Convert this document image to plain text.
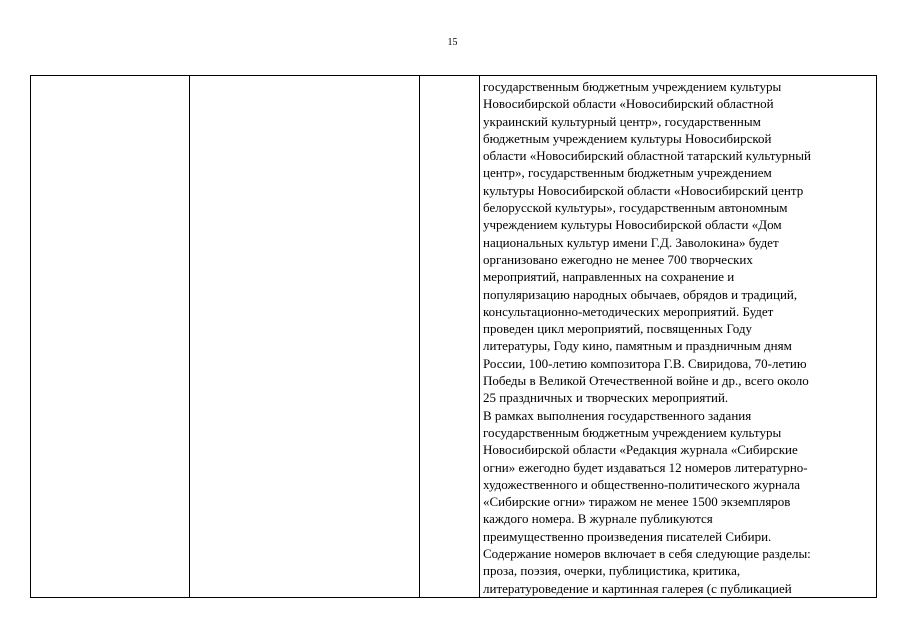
15

государственным бюджетным учреждением культуры
Новосибирской области «Новосибирский областной
украинский культурный центр», государственным
бюджетным учреждением культуры Новосибирской
области «Новосибирский областной татарский культурный
центр», государственным бюджетным учреждением
культуры Новосибирской области «Новосибирский центр
белорусской культуры», государственным автономным
учреждением культуры Новосибирской области «Дом
национальных культур имени Г.Д. Заволокина» будет
организовано ежегодно не менее 700 творческих
мероприятий, направленных на сохранение и
популяризацию народных обычаев, обрядов и традиций,
консультационно-методических мероприятий. Будет
проведен цикл мероприятий, посвященных Году
литературы, Году кино, памятным и праздничным дням
России, 100-летию композитора Г.В. Свиридова, 70-летию
Победы в Великой Отечественной войне и др., всего около
25 праздничных и творческих мероприятий.
В рамках выполнения государственного задания
государственным бюджетным учреждением культуры
Новосибирской области «Редакция журнала «Сибирские
огни» ежегодно будет издаваться 12 номеров литературно-
художественного и общественно-политического журнала
«Сибирские огни» тиражом не менее 1500 экземпляров
каждого номера. В журнале публикуются
преимущественно произведения писателей Сибири.
Содержание номеров включает в себя следующие разделы:
проза, поэзия, очерки, публицистика, критика,
литературоведение и картинная галерея (с публикацией
